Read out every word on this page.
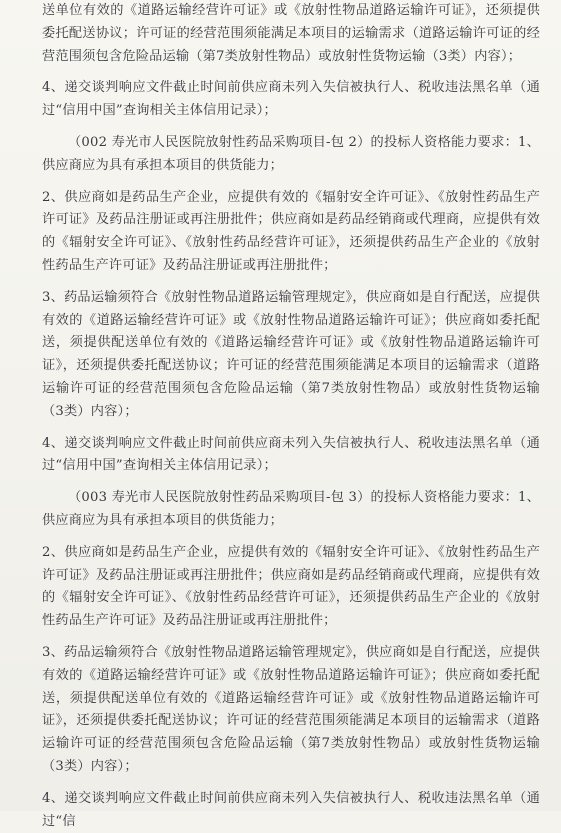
送单位有效的《道路运输经营许可证》或《放射性物品道路运输许可证》，还须提供委托配送协议；许可证的经营范围须能满足本项目的运输需求（道路运输许可证的经营范围须包含危险品运输（第7类放射性物品）或放射性货物运输（3类）内容）；

4、递交谈判响应文件截止时间前供应商未列入失信被执行人、税收违法黑名单（通过“信用中国”查询相关主体信用记录）；

（002 寿光市人民医院放射性药品采购项目-包 2）的投标人资格能力要求：1、供应商应为具有承担本项目的供货能力；

2、供应商如是药品生产企业，应提供有效的《辐射安全许可证》、《放射性药品生产许可证》及药品注册证或再注册批件；供应商如是药品经销商或代理商，应提供有效的《辐射安全许可证》、《放射性药品经营许可证》，还须提供药品生产企业的《放射性药品生产许可证》及药品注册证或再注册批件；

3、药品运输须符合《放射性物品道路运输管理规定》，供应商如是自行配送，应提供有效的《道路运输经营许可证》或《放射性物品道路运输许可证》；供应商如委托配送，须提供配送单位有效的《道路运输经营许可证》或《放射性物品道路运输许可证》，还须提供委托配送协议；许可证的经营范围须能满足本项目的运输需求（道路运输许可证的经营范围须包含危险品运输（第7类放射性物品）或放射性货物运输（3类）内容）；

4、递交谈判响应文件截止时间前供应商未列入失信被执行人、税收违法黑名单（通过“信用中国”查询相关主体信用记录）；

（003 寿光市人民医院放射性药品采购项目-包 3）的投标人资格能力要求：1、供应商应为具有承担本项目的供货能力；

2、供应商如是药品生产企业，应提供有效的《辐射安全许可证》、《放射性药品生产许可证》及药品注册证或再注册批件；供应商如是药品经销商或代理商，应提供有效的《辐射安全许可证》、《放射性药品经营许可证》，还须提供药品生产企业的《放射性药品生产许可证》及药品注册证或再注册批件；

3、药品运输须符合《放射性物品道路运输管理规定》，供应商如是自行配送，应提供有效的《道路运输经营许可证》或《放射性物品道路运输许可证》；供应商如委托配送，须提供配送单位有效的《道路运输经营许可证》或《放射性物品道路运输许可证》，还须提供委托配送协议；许可证的经营范围须能满足本项目的运输需求（道路运输许可证的经营范围须包含危险品运输（第7类放射性物品）或放射性货物运输（3类）内容）；

4、递交谈判响应文件截止时间前供应商未列入失信被执行人、税收违法黑名单（通过“信
